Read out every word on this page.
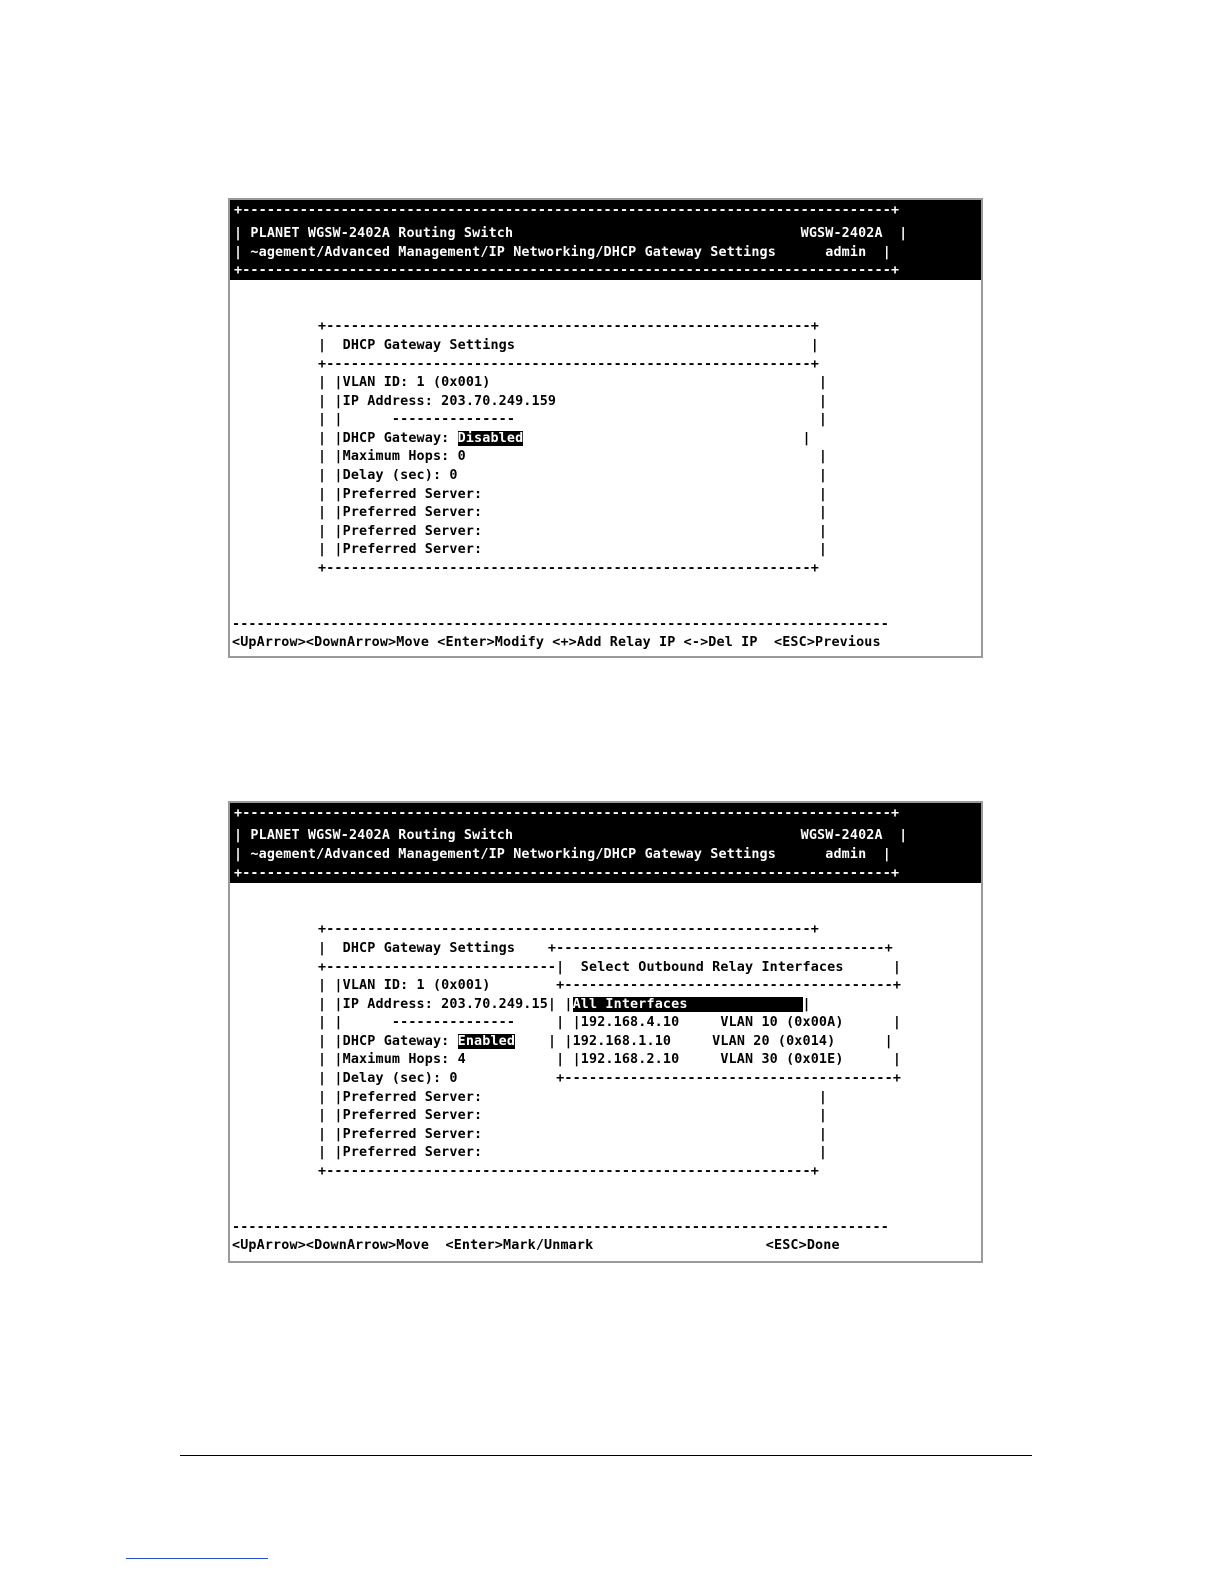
+-------------------------------------------------------------------------------+
| PLANET WGSW-2402A Routing Switch                                   WGSW-2402A  |
| ~agement/Advanced Management/IP Networking/DHCP Gateway Settings      admin  |
+-------------------------------------------------------------------------------+
+-----------------------------------------------------------+
|  DHCP Gateway Settings                                    |
+-----------------------------------------------------------+
| |VLAN ID: 1 (0x001)                                        |
| |IP Address: 203.70.249.159                                |
| |      ---------------                                     |
| |DHCP Gateway: Disabled                                  |
| |Maximum Hops: 0                                           |
| |Delay (sec): 0                                            |
| |Preferred Server:                                         |
| |Preferred Server:                                         |
| |Preferred Server:                                         |
| |Preferred Server:                                         |
+-----------------------------------------------------------+
--------------------------------------------------------------------------------
<UpArrow><DownArrow>Move <Enter>Modify <+>Add Relay IP <->Del IP  <ESC>Previous
+-------------------------------------------------------------------------------+
| PLANET WGSW-2402A Routing Switch                                   WGSW-2402A  |
| ~agement/Advanced Management/IP Networking/DHCP Gateway Settings      admin  |
+-------------------------------------------------------------------------------+
+-----------------------------------------------------------+
|  DHCP Gateway Settings    +----------------------------------------+
+----------------------------|  Select Outbound Relay Interfaces      |
| |VLAN ID: 1 (0x001)        +----------------------------------------+
| |IP Address: 203.70.249.15| |All Interfaces              |
| |      ---------------     | |192.168.4.10     VLAN 10 (0x00A)      |
| |DHCP Gateway: Enabled    | |192.168.1.10     VLAN 20 (0x014)      |
| |Maximum Hops: 4           | |192.168.2.10     VLAN 30 (0x01E)      |
| |Delay (sec): 0            +----------------------------------------+
| |Preferred Server:                                         |
| |Preferred Server:                                         |
| |Preferred Server:                                         |
| |Preferred Server:                                         |
+-----------------------------------------------------------+
--------------------------------------------------------------------------------
<UpArrow><DownArrow>Move  <Enter>Mark/Unmark                     <ESC>Done
